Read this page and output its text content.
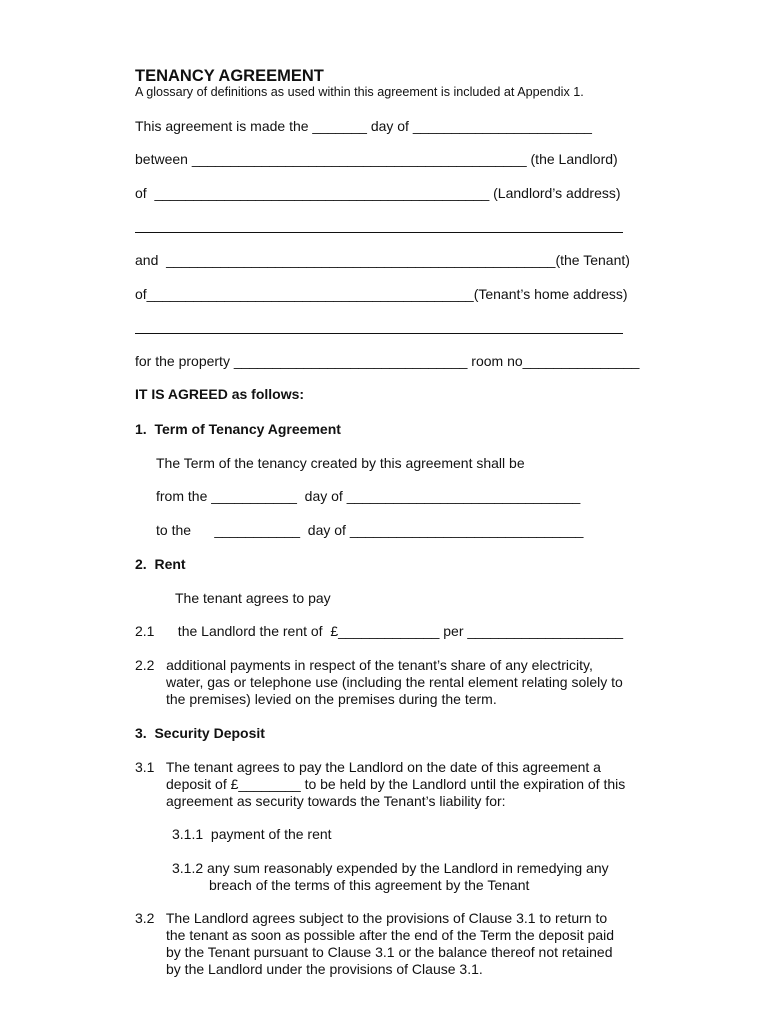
TENANCY AGREEMENT
A glossary of definitions as used within this agreement is included at Appendix 1.
This agreement is made the _______ day of _______________________
between ___________________________________________ (the Landlord)
of  ___________________________________________ (Landlord’s address)
and  __________________________________________________(the Tenant)
of__________________________________________(Tenant’s home address)
for the property ______________________________ room no_______________
IT IS AGREED as follows:
1.  Term of Tenancy Agreement
The Term of the tenancy created by this agreement shall be
from the ___________  day of ______________________________
to the      ___________  day of ______________________________
2.  Rent
The tenant agrees to pay
2.1      the Landlord the rent of  £_____________ per ____________________
2.2   additional payments in respect of the tenant’s share of any electricity,
water, gas or telephone use (including the rental element relating solely to
the premises) levied on the premises during the term.
3.  Security Deposit
3.1   The tenant agrees to pay the Landlord on the date of this agreement a
deposit of £________ to be held by the Landlord until the expiration of this
agreement as security towards the Tenant’s liability for:
3.1.1  payment of the rent
3.1.2 any sum reasonably expended by the Landlord in remedying any
breach of the terms of this agreement by the Tenant
3.2   The Landlord agrees subject to the provisions of Clause 3.1 to return to
the tenant as soon as possible after the end of the Term the deposit paid
by the Tenant pursuant to Clause 3.1 or the balance thereof not retained
by the Landlord under the provisions of Clause 3.1.
